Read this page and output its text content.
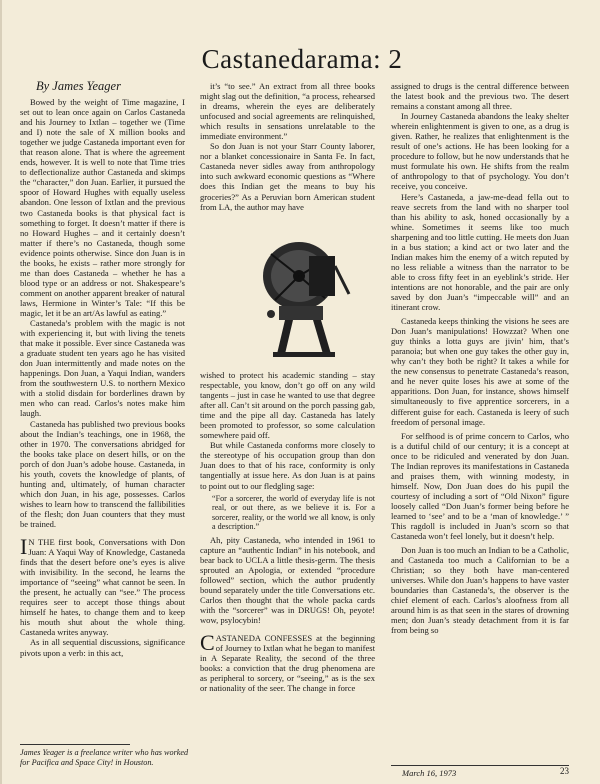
Castanedarama: 2

By James Yeager

Bowed by the weight of Time magazine, I set out to lean once again on Carlos Castaneda and his Journey to Ixtlan – together we (Time and I) note the sale of X million books and together we judge Castaneda important even for that reason alone. That is where the agreement ends, however. It is well to note that Time tries to deflectionalize author Castaneda and skimps the “character,” don Juan. Earlier, it pursued the spoor of Howard Hughes with equally useless abandon. One lesson of Ixtlan and the previous two Castaneda books is that physical fact is something to forget. It doesn’t matter if there is no Howard Hughes – and it certainly doesn’t matter if there’s no Castaneda, though some evidence points otherwise. Since don Juan is in the books, he exists – rather more strongly for me than does Castaneda – whether he has a blood type or an address or not. Shakespeare’s comment on another apparent breaker of natural laws, Hermione in Winter’s Tale: “If this be magic, let it be an art/As lawful as eating.”

Castaneda’s problem with the magic is not with experiencing it, but with living the tenets that make it possible. Ever since Castaneda was a graduate student ten years ago he has visited don Juan intermittently and made notes on the happenings. Don Juan, a Yaqui Indian, wanders from the southwestern U.S. to northern Mexico with a stolid disdain for borderlines drawn by men who can read. Carlos’s notes make him laugh.

Castaneda has published two previous books about the Indian’s teachings, one in 1968, the other in 1970. The conversations abridged for the books take place on desert hills, or on the porch of don Juan’s adobe house. Castaneda, in his youth, covets the knowledge of plants, of hunting and, ultimately, of human character which don Juan, in his age, possesses. Carlos wishes to learn how to transcend the fallibilities of the flesh; don Juan counters that they must be trained.

I N THE first book, Conversations with Don Juan: A Yaqui Way of Knowledge, Castaneda finds that the desert before one’s eyes is alive with invisibility. In the second, he learns the importance of “seeing” what cannot be seen. In the present, he actually can “see.” The process requires seer to accept those things about himself he hates, to change them and to keep his mouth shut about the whole thing. Castaneda writes anyway.

As in all sequential discussions, significance pivots upon a verb: in this act,

it’s “to see.” An extract from all three books might slag out the definition, “a process, rehearsed in dreams, wherein the eyes are deliberately unfocused and social agreements are relinquished, which results in sensations unrelatable to the immediate environment.”

So don Juan is not your Starr County laborer, nor a blanket concessionaire in Santa Fe. In fact, Castaneda never sidles away from anthropology into such awkward economic questions as “Where does this Indian get the means to buy his groceries?” As a Peruvian born American student from LA, the author may have

wished to protect his academic standing – stay respectable, you know, don’t go off on any wild tangents – just in case he wanted to use that degree after all. Can’t sit around on the porch passing gab, time and the pipe all day. Castaneda has lately been promoted to professor, so some calculation somewhere paid off.

But while Castaneda conforms more closely to the stereotype of his occupation group than don Juan does to that of his race, conformity is only tangentially at issue here. As don Juan is at pains to point out to our fledgling sage:

“For a sorcerer, the world of everyday life is not real, or out there, as we believe it is. For a sorcerer, reality, or the world we all know, is only a description.”

Ah, pity Castaneda, who intended in 1961 to capture an “authentic Indian” in his notebook, and bear back to UCLA a little thesis-germ. The thesis sprouted an Apologia, or extended “procedure followed” section, which the author prudently bound separately under the title Conversations etc. Carlos then thought that the whole packa cards with the “sorcerer” was in DRUGS! Oh, peyote! wow, psylocybin!

CASTANEDA CONFESSES at the beginning of Journey to Ixtlan what he began to manifest in A Separate Reality, the second of the three books: a conviction that the drug phenomena are as peripheral to sorcery, or “seeing,” as is the sex or nationality of the seer. The change in force

assigned to drugs is the central difference between the latest book and the previous two. The desert remains a constant among all three.

In Journey Castaneda abandons the leaky shelter wherein enlightenment is given to one, as a drug is given. Rather, he realizes that enlightenment is the result of one’s actions. He has been looking for a procedure to follow, but he now understands that he must formulate his own. He shifts from the realm of anthropology to that of psychology. You don’t receive, you conceive.

Here’s Castaneda, a jaw-me-dead fella out to reave secrets from the land with no sharper tool than his ability to ask, honed occasionally by a whine. Sometimes it seems like too much sharpening and too little cutting. He meets don Juan in a bus station; a kind act or two later and the Indian makes him the enemy of a witch reputed by no less reliable a witness than the narrator to be able to cross fifty feet in an eyeblink’s stride. Her intentions are not honorable, and the pair are only saved by don Juan’s “impeccable will” and an itinerant crow.

Castaneda keeps thinking the visions he sees are Don Juan’s manipulations! Howzzat? When one guy thinks a lotta guys are jivin’ him, that’s paranoia; but when one guy takes the other guy in, why can’t they both be right? It takes a while for the new consensus to penetrate Castaneda’s reason, and he never quite loses his awe at some of the apparitions. Don Juan, for instance, shows himself simultaneously to five apprentice sorcerers, in a different guise for each. Castaneda is leery of such freedom of personal image.

For selfhood is of prime concern to Carlos, who is a dutiful child of our century; it is a concept at once to be ridiculed and venerated by don Juan. The Indian reproves its manifestations in Castaneda and praises them, with winning modesty, in himself. Now, Don Juan does do his pupil the courtesy of including a sort of “Old Nixon” figure loosely called “Don Juan’s former being before he learned to ‘see’ and to be a ‘man of knowledge.’ ” This ragdoll is included in Juan’s scorn so that Castaneda won’t feel lonely, but it doesn’t help.

Don Juan is too much an Indian to be a Catholic, and Castaneda too much a Californian to be a Christian; so they both have man-centered universes. While don Juan’s happens to have vaster boundaries than Castaneda’s, the observer is the chief element of each. Carlos’s aloofness from all around him is as that seen in the stares of drowning men; don Juan’s steady detachment from it is far from being so

James Yeager is a freelance writer who has worked for Pacifica and Space City! in Houston.

March 16, 1973	23
